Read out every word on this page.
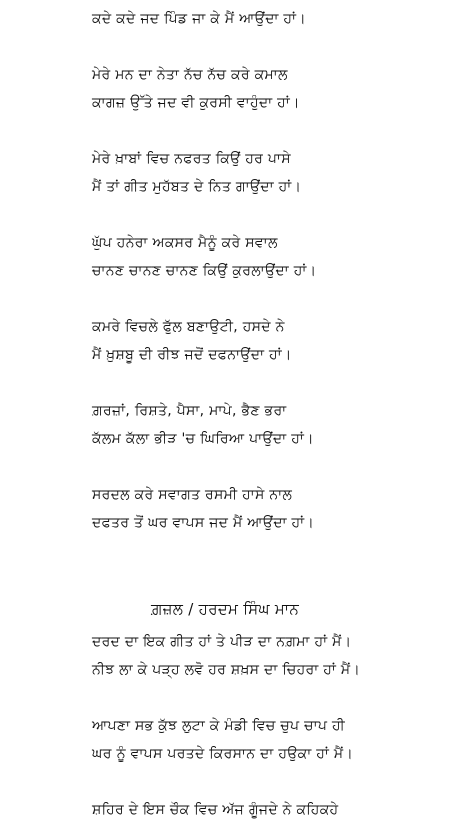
ਕਦੇ ਕਦੇ ਜਦ ਪਿੰਡ ਜਾ ਕੇ ਮੈਂ ਆਉਂਦਾ ਹਾਂ।
ਮੇਰੇ ਮਨ ਦਾ ਨੇਤਾ ਨੱਚ ਨੱਚ ਕਰੇ ਕਮਾਲ
ਕਾਗਜ਼ ਉੱਤੇ ਜਦ ਵੀ ਕੁਰਸੀ ਵਾਹੁੰਦਾ ਹਾਂ।
ਮੇਰੇ ਖ਼ਾਬਾਂ ਵਿਚ ਨਫਰਤ ਕਿਉਂ ਹਰ ਪਾਸੇ
ਮੈਂ ਤਾਂ ਗੀਤ ਮੁਹੱਬਤ ਦੇ ਨਿਤ ਗਾਉਂਦਾ ਹਾਂ।
ਘੁੱਪ ਹਨੇਰਾ ਅਕਸਰ ਮੈਨੂੰ ਕਰੇ ਸਵਾਲ
ਚਾਨਣ ਚਾਨਣ ਚਾਨਣ ਕਿਉਂ ਕੁਰਲਾਉਂਦਾ ਹਾਂ।
ਕਮਰੇ ਵਿਚਲੇ ਫੁੱਲ ਬਣਾਉਟੀ, ਹਸਦੇ ਨੇ
ਮੈਂ ਖ਼ੁਸ਼ਬੂ ਦੀ ਰੀਝ ਜਦੋਂ ਦਫਨਾਉਂਦਾ ਹਾਂ।
ਗ਼ਰਜ਼ਾਂ, ਰਿਸ਼ਤੇ, ਪੈਸਾ, ਮਾਪੇ, ਭੈਣ ਭਰਾ
ਕੱਲਮ ਕੱਲਾ ਭੀੜ 'ਚ ਘਿਰਿਆ ਪਾਉਂਦਾ ਹਾਂ।
ਸਰਦਲ ਕਰੇ ਸਵਾਗਤ ਰਸਮੀ ਹਾਸੇ ਨਾਲ
ਦਫਤਰ ਤੋਂ ਘਰ ਵਾਪਸ ਜਦ ਮੈਂ ਆਉਂਦਾ ਹਾਂ।
ਗ਼ਜ਼ਲ / ਹਰਦਮ ਸਿੰਘ ਮਾਨ
ਦਰਦ ਦਾ ਇਕ ਗੀਤ ਹਾਂ ਤੇ ਪੀੜ ਦਾ ਨਗ਼ਮਾ ਹਾਂ ਮੈਂ।
ਨੀਝ ਲਾ ਕੇ ਪੜ੍ਹ ਲਵੋ ਹਰ ਸ਼ਖ਼ਸ ਦਾ ਚਿਹਰਾ ਹਾਂ ਮੈਂ।
ਆਪਣਾ ਸਭ ਕੁੱਝ ਲੁਟਾ ਕੇ ਮੰਡੀ ਵਿਚ ਚੁਪ ਚਾਪ ਹੀ
ਘਰ ਨੂੰ ਵਾਪਸ ਪਰਤਦੇ ਕਿਰਸਾਨ ਦਾ ਹਉਕਾ ਹਾਂ ਮੈਂ।
ਸ਼ਹਿਰ ਦੇ ਇਸ ਚੌਕ ਵਿਚ ਅੱਜ ਗੂੰਜਦੇ ਨੇ ਕਹਿਕਹੇ
